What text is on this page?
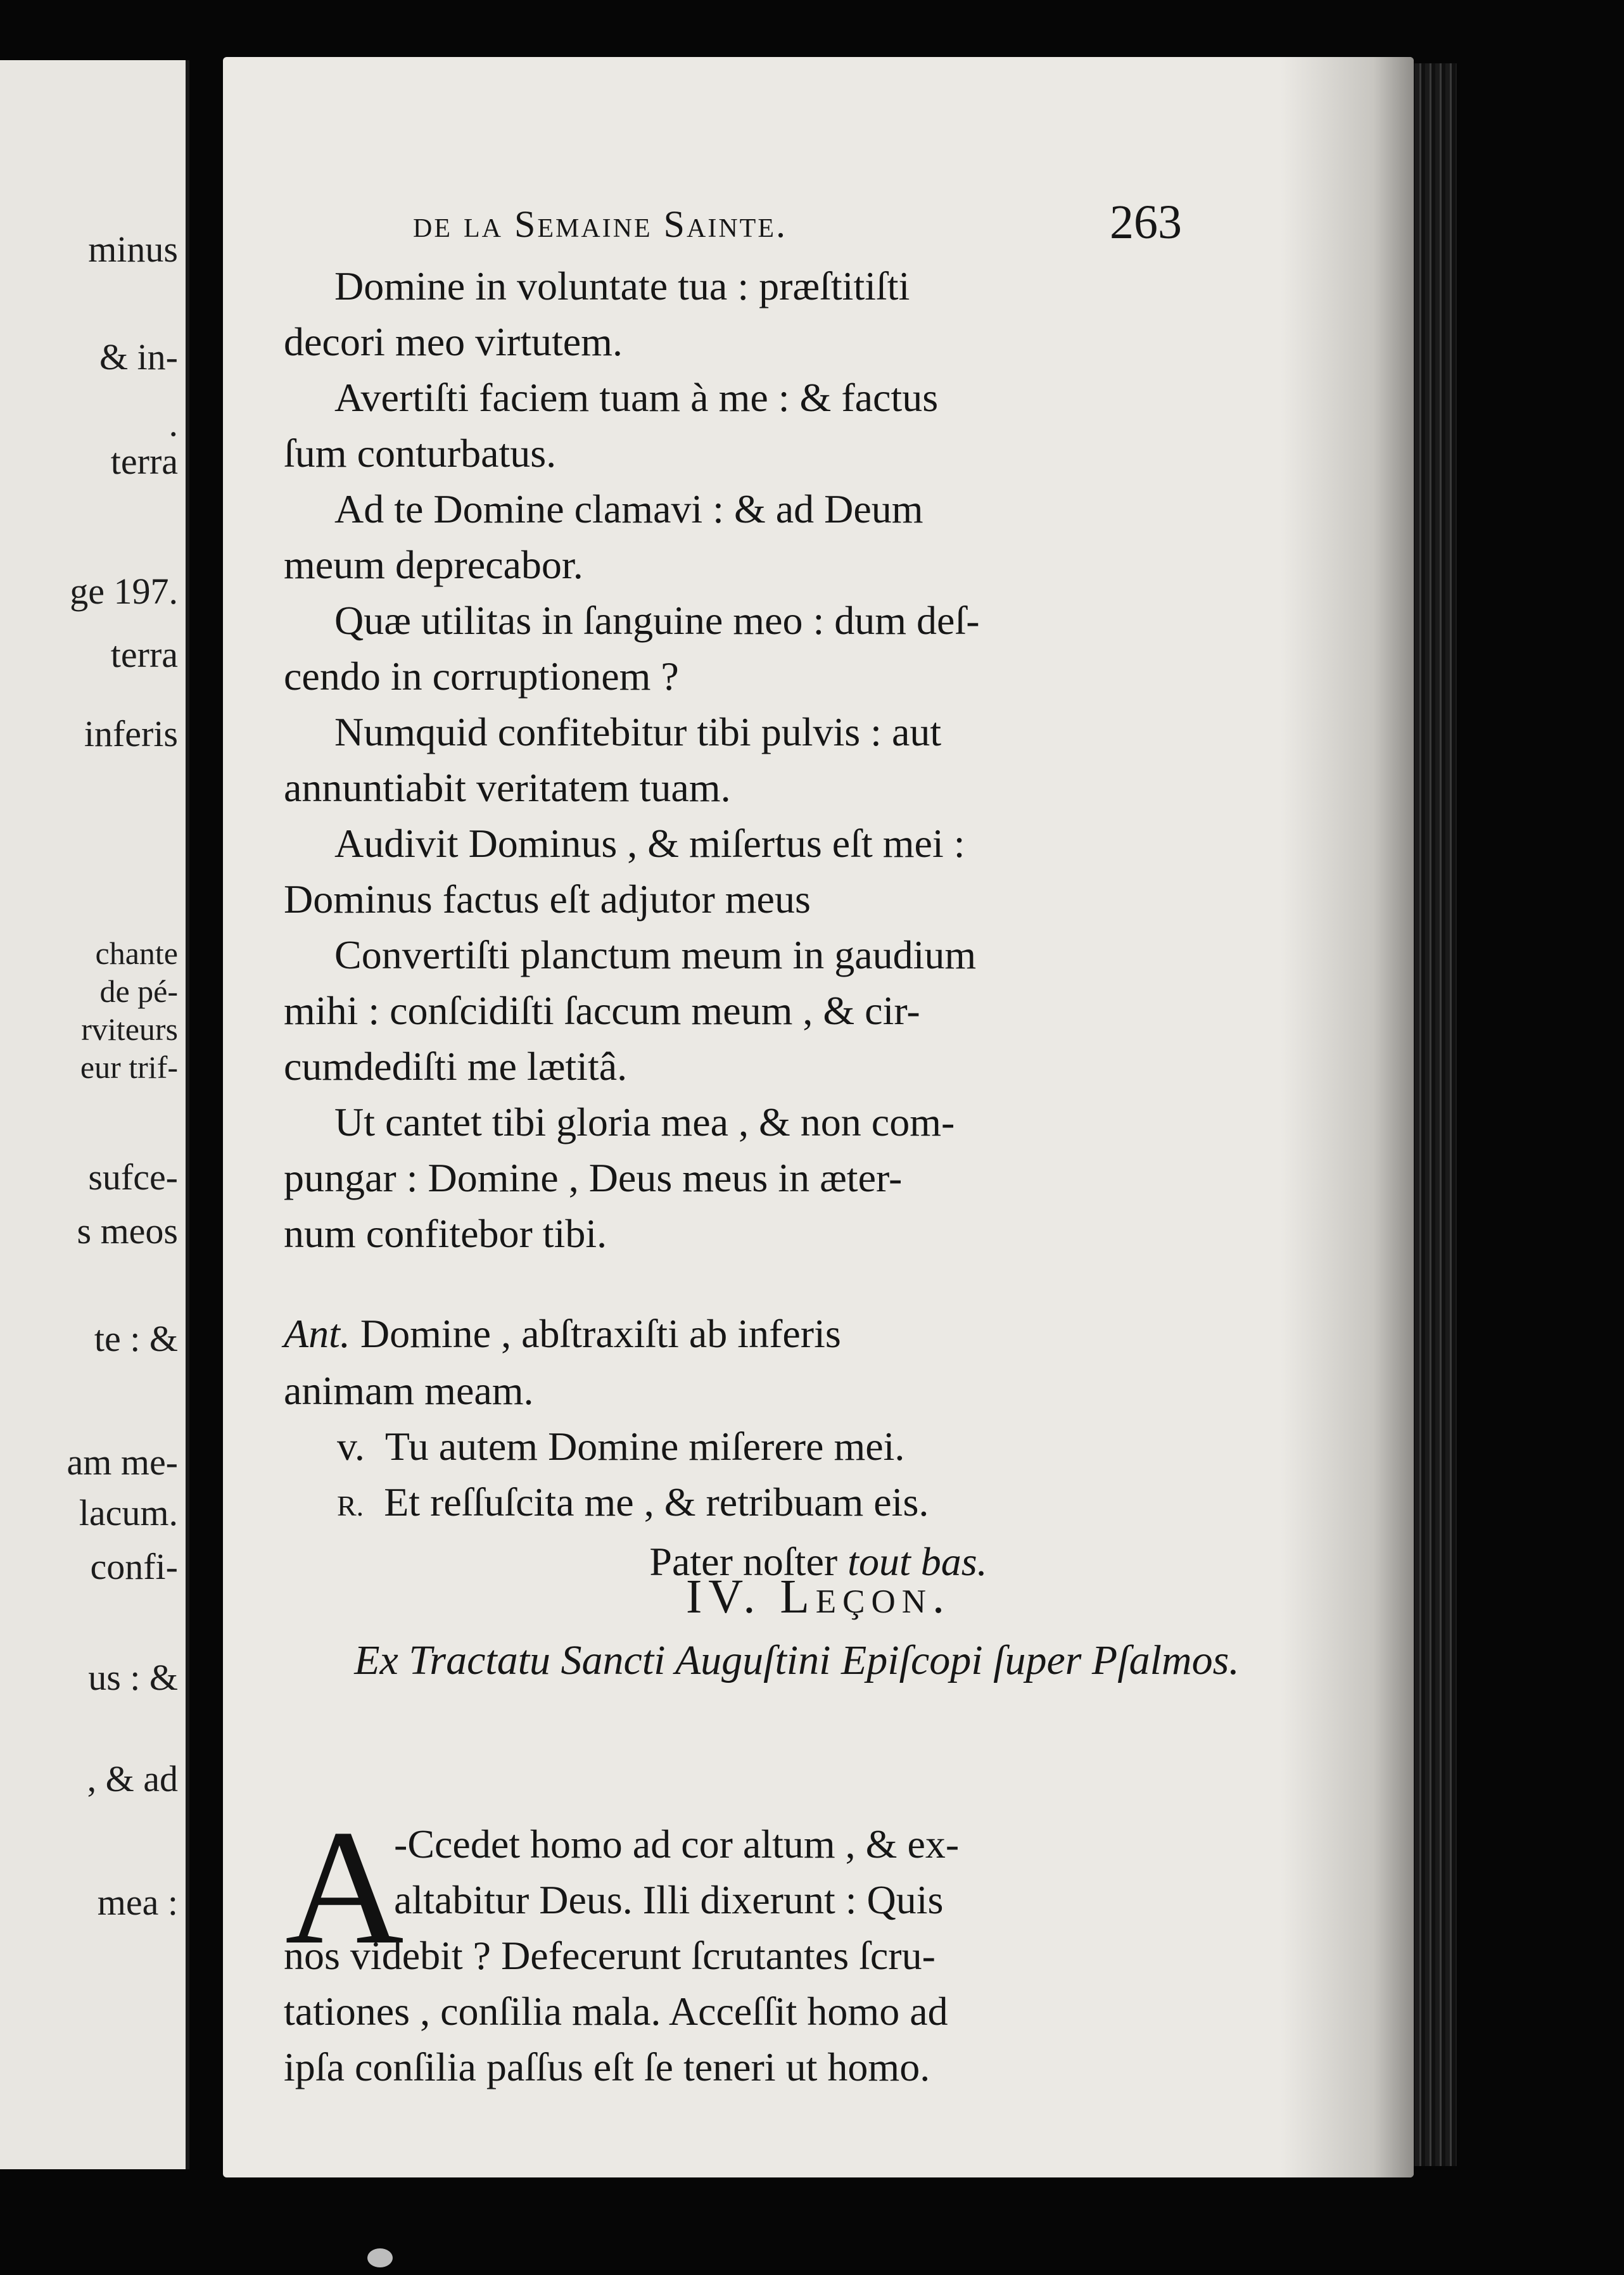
minus
& in-
.
terra
ge 197.
terra
inferis
chante
de pé-
rviteurs
eur trif-
sufce-
s meos
te : &
am me-
lacum.
confi-
us : &
, & ad
mea :
de la Semaine Sainte.	263
Domine in voluntate tua : præſtitiſti
decori meo virtutem.
Avertiſti faciem tuam à me : & factus
ſum conturbatus.
Ad te Domine clamavi : & ad Deum
meum deprecabor.
Quæ utilitas in ſanguine meo : dum deſ-
cendo in corruptionem ?
Numquid confitebitur tibi pulvis : aut
annuntiabit veritatem tuam.
Audivit Dominus , & miſertus eſt mei :
Dominus factus eſt adjutor meus
Convertiſti planctum meum in gaudium
mihi : conſcidiſti ſaccum meum , & cir-
cumdediſti me lætitâ.
Ut cantet tibi gloria mea , & non com-
pungar : Domine , Deus meus in æter-
num confitebor tibi.
Ant. Domine , abſtraxiſti ab inferis
animam meam.
v. Tu autem Domine miſerere mei.
R. Et reſſuſcita me , & retribuam eis.
Pater noſter tout bas.
IV. Leçon.
Ex Tractatu Sancti Auguſtini Epiſcopi ſuper Pſalmos.
A
-Ccedet homo ad cor altum , & ex-
altabitur Deus. Illi dixerunt : Quis
nos videbit ? Defecerunt ſcrutantes ſcru-
tationes , conſilia mala. Acceſſit homo ad
ipſa conſilia paſſus eſt ſe teneri ut homo.
